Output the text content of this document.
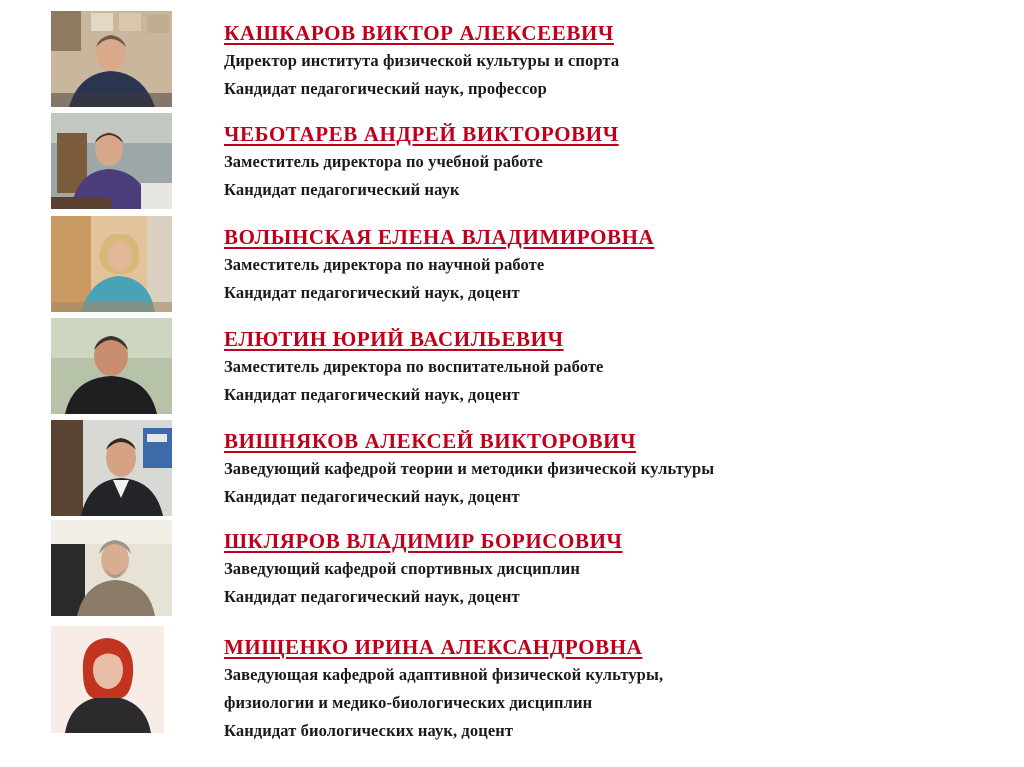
КАШКАРОВ ВИКТОР АЛЕКСЕЕВИЧ
Директор института физической культуры и спорта
Кандидат педагогический наук, профессор
ЧЕБОТАРЕВ АНДРЕЙ ВИКТОРОВИЧ
Заместитель директора по учебной работе
Кандидат педагогический наук
ВОЛЫНСКАЯ ЕЛЕНА ВЛАДИМИРОВНА
Заместитель директора по научной работе
Кандидат педагогический наук, доцент
ЕЛЮТИН ЮРИЙ ВАСИЛЬЕВИЧ
Заместитель директора по воспитательной работе
Кандидат педагогический наук, доцент
ВИШНЯКОВ АЛЕКСЕЙ ВИКТОРОВИЧ
Заведующий кафедрой теории и методики физической культуры
Кандидат педагогический наук, доцент
ШКЛЯРОВ ВЛАДИМИР БОРИСОВИЧ
Заведующий кафедрой спортивных дисциплин
Кандидат педагогический наук, доцент
МИЩЕНКО ИРИНА АЛЕКСАНДРОВНА
Заведующая кафедрой адаптивной физической культуры,
физиологии и медико-биологических дисциплин
Кандидат биологических наук, доцент
